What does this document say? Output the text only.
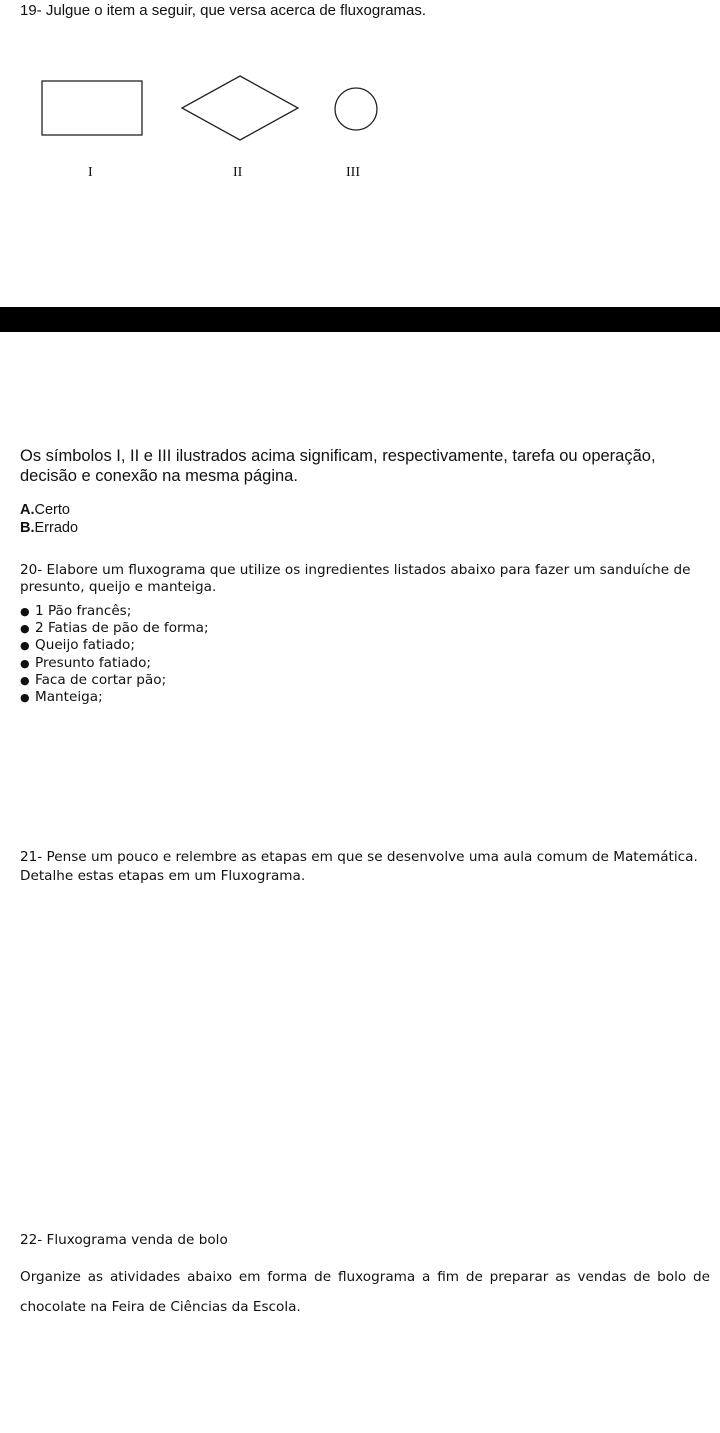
19- Julgue o item a seguir, que versa acerca de fluxogramas.
I	II	III
Os símbolos I, II e III ilustrados acima significam, respectivamente, tarefa ou operação, decisão e conexão na mesma página.
A.Certo
B.Errado
20- Elabore um fluxograma que utilize os ingredientes listados abaixo para fazer um sanduíche de presunto, queijo e manteiga.
● 1 Pão francês;
● 2 Fatias de pão de forma;
● Queijo fatiado;
● Presunto fatiado;
● Faca de cortar pão;
● Manteiga;
21- Pense um pouco e relembre as etapas em que se desenvolve uma aula comum de Matemática. Detalhe estas etapas em um Fluxograma.
22- Fluxograma venda de bolo
Organize as atividades abaixo em forma de fluxograma a fim de preparar as vendas de bolo de chocolate na Feira de Ciências da Escola.
